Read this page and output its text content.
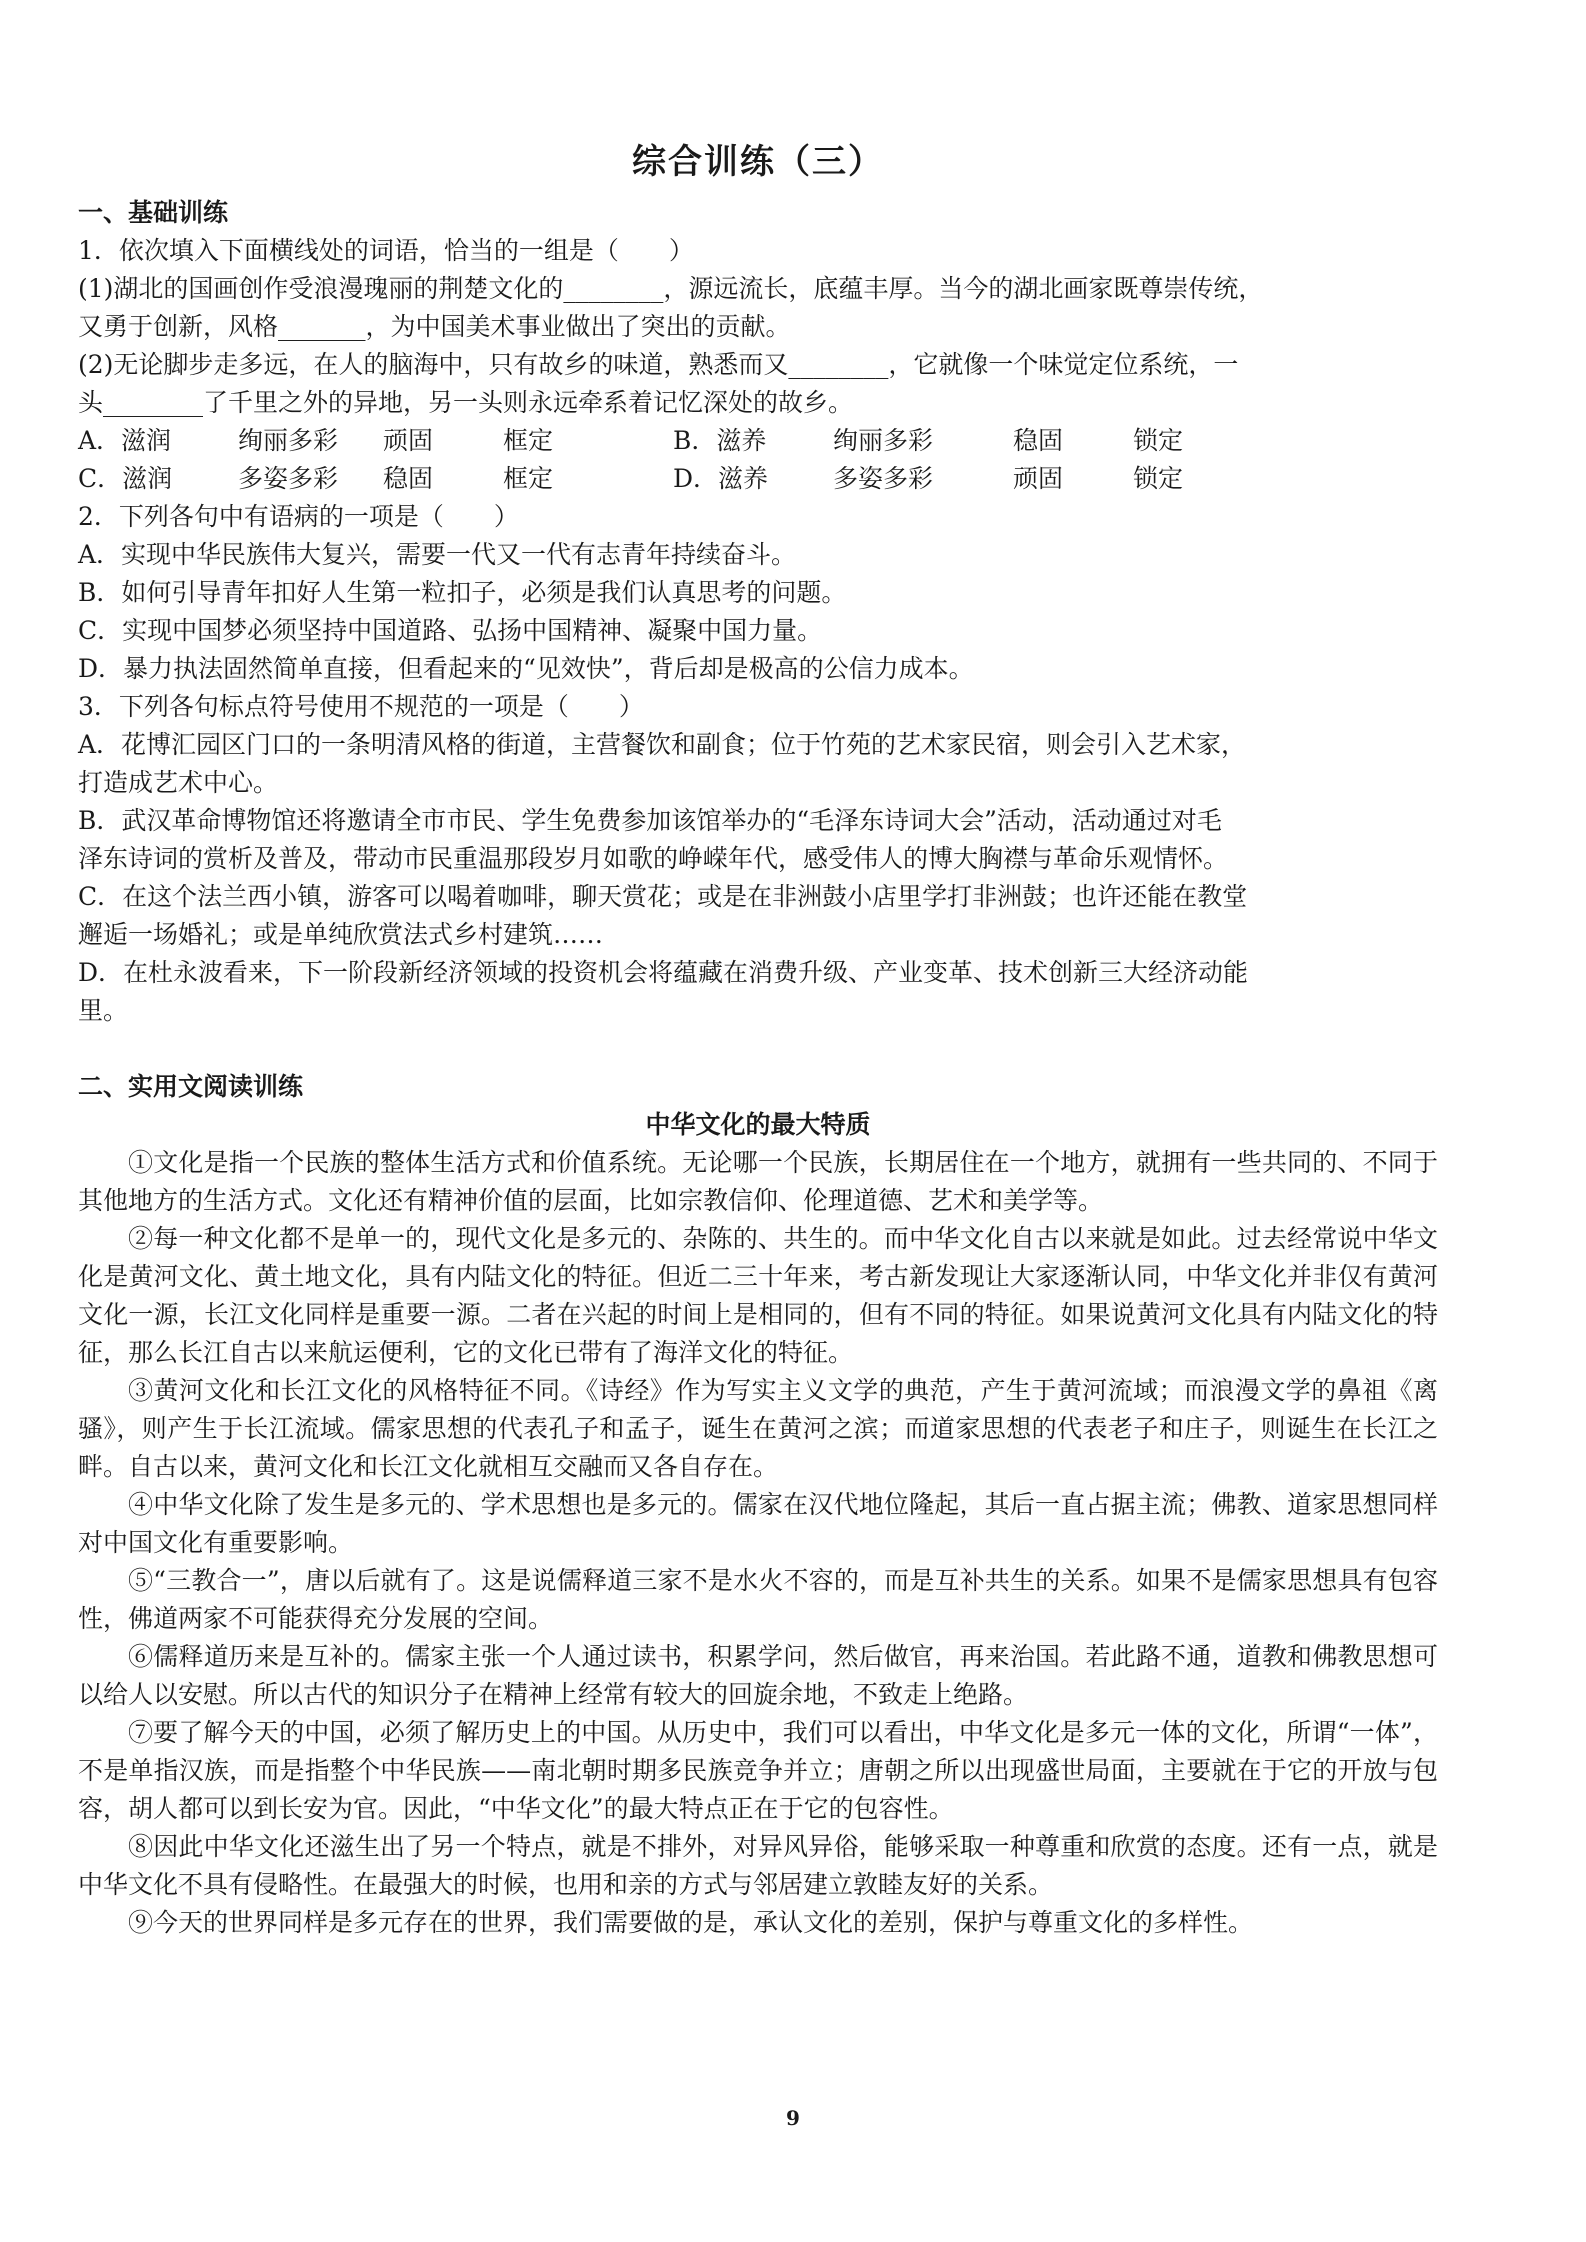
综合训练（三）

一、基础训练

1．依次填入下面横线处的词语，恰当的一组是（　　）

(1)湖北的国画创作受浪漫瑰丽的荆楚文化的________，源远流长，底蕴丰厚。当今的湖北画家既尊崇传统，

又勇于创新，风格_______，为中国美术事业做出了突出的贡献。

(2)无论脚步走多远，在人的脑海中，只有故乡的味道，熟悉而又________，它就像一个味觉定位系统，一

头________了千里之外的异地，另一头则永远牵系着记忆深处的故乡。

A．滋润	绚丽多彩	顽固	框定	B．滋养	绚丽多彩	稳固	锁定
C．滋润	多姿多彩	稳固	框定	D．滋养	多姿多彩	顽固	锁定

2．下列各句中有语病的一项是（　　）

A．实现中华民族伟大复兴，需要一代又一代有志青年持续奋斗。

B．如何引导青年扣好人生第一粒扣子，必须是我们认真思考的问题。

C．实现中国梦必须坚持中国道路、弘扬中国精神、凝聚中国力量。

D．暴力执法固然简单直接，但看起来的“见效快”，背后却是极高的公信力成本。

3．下列各句标点符号使用不规范的一项是（　　）

A．花博汇园区门口的一条明清风格的街道，主营餐饮和副食；位于竹苑的艺术家民宿，则会引入艺术家，

打造成艺术中心。

B．武汉革命博物馆还将邀请全市市民、学生免费参加该馆举办的“毛泽东诗词大会”活动，活动通过对毛

泽东诗词的赏析及普及，带动市民重温那段岁月如歌的峥嵘年代，感受伟人的博大胸襟与革命乐观情怀。

C．在这个法兰西小镇，游客可以喝着咖啡，聊天赏花；或是在非洲鼓小店里学打非洲鼓；也许还能在教堂

邂逅一场婚礼；或是单纯欣赏法式乡村建筑……

D．在杜永波看来，下一阶段新经济领域的投资机会将蕴藏在消费升级、产业变革、技术创新三大经济动能

里。

二、实用文阅读训练

中华文化的最大特质

①文化是指一个民族的整体生活方式和价值系统。无论哪一个民族，长期居住在一个地方，就拥有一些共同的、不同于其他地方的生活方式。文化还有精神价值的层面，比如宗教信仰、伦理道德、艺术和美学等。

②每一种文化都不是单一的，现代文化是多元的、杂陈的、共生的。而中华文化自古以来就是如此。过去经常说中华文化是黄河文化、黄土地文化，具有内陆文化的特征。但近二三十年来，考古新发现让大家逐渐认同，中华文化并非仅有黄河文化一源，长江文化同样是重要一源。二者在兴起的时间上是相同的，但有不同的特征。如果说黄河文化具有内陆文化的特征，那么长江自古以来航运便利，它的文化已带有了海洋文化的特征。

③黄河文化和长江文化的风格特征不同。《诗经》作为写实主义文学的典范，产生于黄河流域；而浪漫文学的鼻祖《离骚》，则产生于长江流域。儒家思想的代表孔子和孟子，诞生在黄河之滨；而道家思想的代表老子和庄子，则诞生在长江之畔。自古以来，黄河文化和长江文化就相互交融而又各自存在。

④中华文化除了发生是多元的、学术思想也是多元的。儒家在汉代地位隆起，其后一直占据主流；佛教、道家思想同样对中国文化有重要影响。

⑤“三教合一”，唐以后就有了。这是说儒释道三家不是水火不容的，而是互补共生的关系。如果不是儒家思想具有包容性，佛道两家不可能获得充分发展的空间。

⑥儒释道历来是互补的。儒家主张一个人通过读书，积累学问，然后做官，再来治国。若此路不通，道教和佛教思想可以给人以安慰。所以古代的知识分子在精神上经常有较大的回旋余地，不致走上绝路。

⑦要了解今天的中国，必须了解历史上的中国。从历史中，我们可以看出，中华文化是多元一体的文化，所谓“一体”，不是单指汉族，而是指整个中华民族——南北朝时期多民族竞争并立；唐朝之所以出现盛世局面，主要就在于它的开放与包容，胡人都可以到长安为官。因此，“中华文化”的最大特点正在于它的包容性。

⑧因此中华文化还滋生出了另一个特点，就是不排外，对异风异俗，能够采取一种尊重和欣赏的态度。还有一点，就是中华文化不具有侵略性。在最强大的时候，也用和亲的方式与邻居建立敦睦友好的关系。

⑨今天的世界同样是多元存在的世界，我们需要做的是，承认文化的差别，保护与尊重文化的多样性。

9
